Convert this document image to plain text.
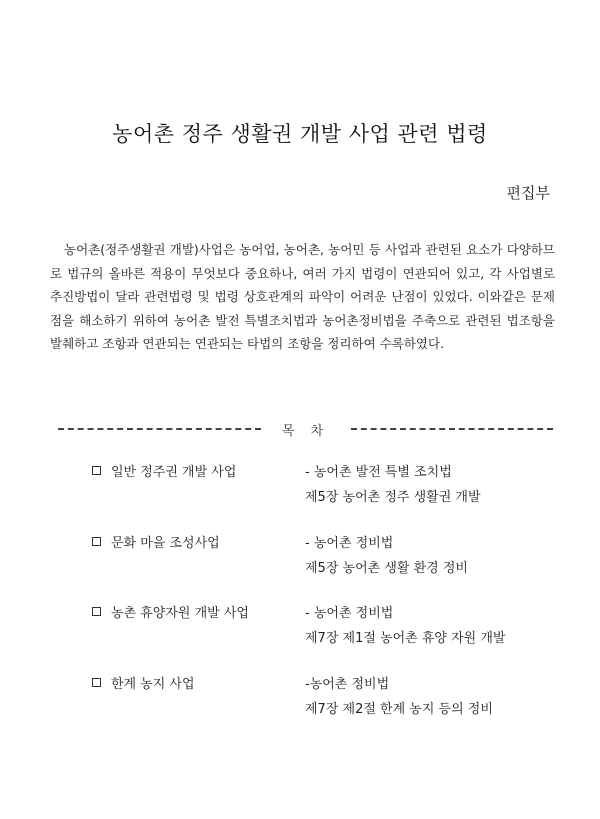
농어촌 정주 생활권 개발 사업 관련 법령
편집부

농어촌(정주생활권 개발)사업은 농어업, 농어촌, 농어민 등 사업과 관련된 요소가 다양하므로 법규의 올바른 적용이 무엇보다 중요하나, 여러 가지 법령이 연관되어 있고, 각 사업별로 추진방법이 달라 관련법령 및 법령 상호관계의 파악이 어려운 난점이 있었다. 이와같은 문제점을 해소하기 위하여 농어촌 발전 특별조치법과 농어촌정비법을 주축으로 관련된 법조항을 발췌하고 조항과 연관되는 연관되는 타법의 조항을 정리하여 수록하였다.

목 차
일반 정주권 개발 사업	- 농어촌 발전 특별 조치법
제5장 농어촌 정주 생활권 개발
문화 마을 조성사업	- 농어촌 정비법
제5장 농어촌 생활 환경 정비
농촌 휴양자원 개발 사업	- 농어촌 정비법
제7장 제1절 농어촌 휴양 자원 개발
한계 농지 사업	-농어촌 정비법
제7장 제2절 한계 농지 등의 정비
